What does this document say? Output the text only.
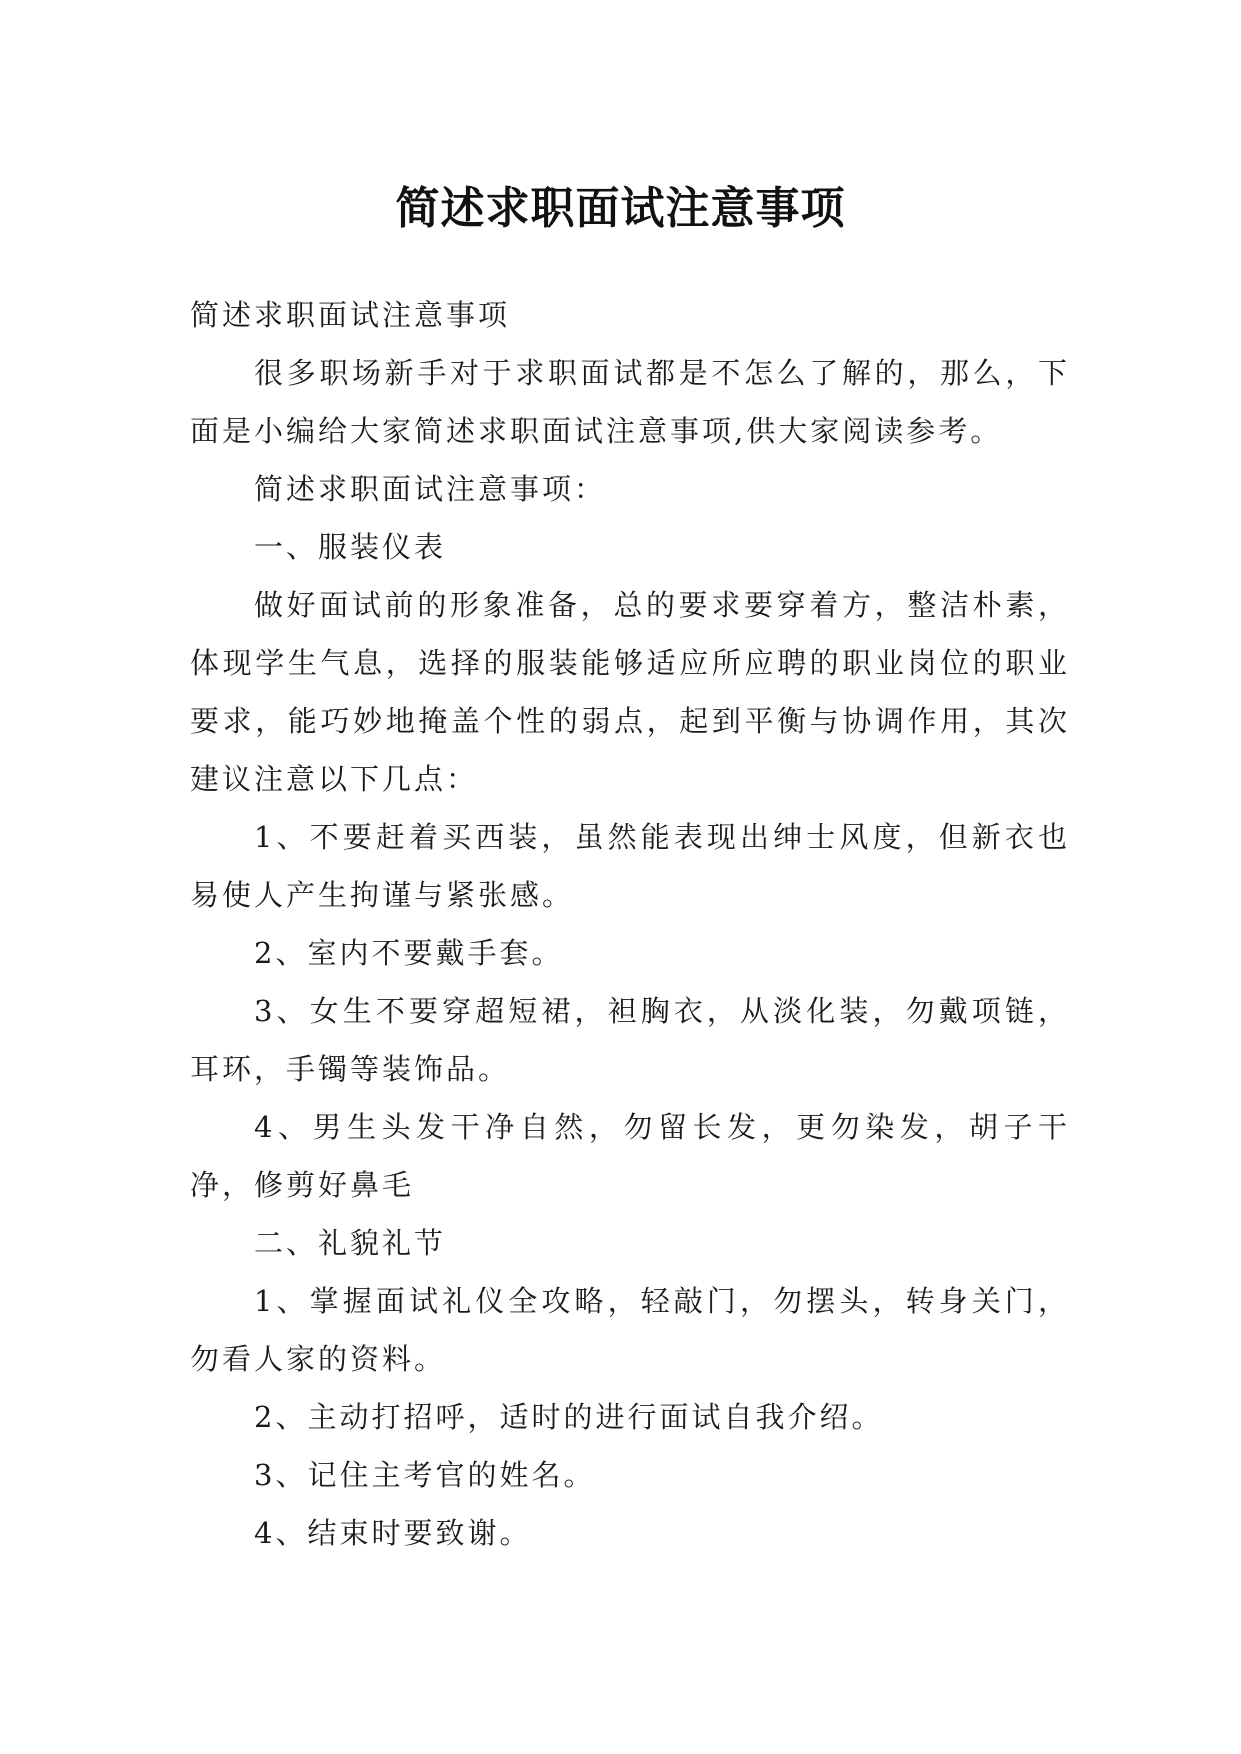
简述求职面试注意事项

简述求职面试注意事项

很多职场新手对于求职面试都是不怎么了解的，那么，下面是小编给大家简述求职面试注意事项,供大家阅读参考。

简述求职面试注意事项：

一、服装仪表

做好面试前的形象准备，总的要求要穿着方，整洁朴素，体现学生气息，选择的服装能够适应所应聘的职业岗位的职业要求，能巧妙地掩盖个性的弱点，起到平衡与协调作用，其次建议注意以下几点：

1、不要赶着买西装，虽然能表现出绅士风度，但新衣也易使人产生拘谨与紧张感。

2、室内不要戴手套。

3、女生不要穿超短裙，袒胸衣，从淡化装，勿戴项链，耳环，手镯等装饰品。

4、男生头发干净自然，勿留长发，更勿染发，胡子干净，修剪好鼻毛

二、礼貌礼节

1、掌握面试礼仪全攻略，轻敲门，勿摆头，转身关门，勿看人家的资料。

2、主动打招呼，适时的进行面试自我介绍。

3、记住主考官的姓名。

4、结束时要致谢。
